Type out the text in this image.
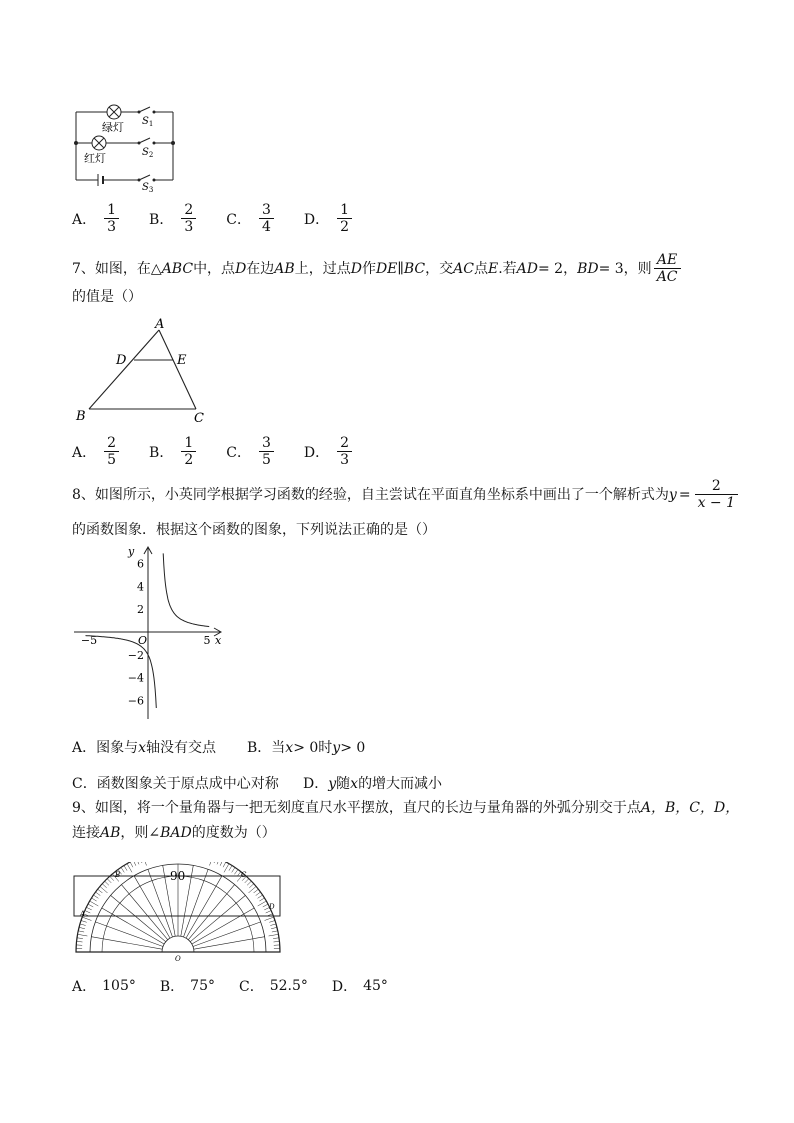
绿灯
红灯
$S_1$
$S_2$
$S_3$
A． $\frac{1}{3}$ B． $\frac{2}{3}$ C． $\frac{3}{4}$ D． $\frac{1}{2}$
7、如图，在△ ABC 中，点 D 在边 AB 上，过点 D 作 DE ∥ BC ，交 AC 点 E .若 AD = 2， BD = 3，则 $\frac{AE}{AC}$
的值是（）
A
D	E
B	C
A． $\frac{2}{5}$ B． $\frac{1}{2}$ C． $\frac{3}{5}$ D． $\frac{2}{3}$
8、如图所示，小英同学根据学习函数的经验，自主尝试在平面直角坐标系中画出了一个解析式为 $y = \frac{2}{x - 1}$
的函数图象．根据这个函数的图象，下列说法正确的是（）
6
4
2
−2
−4
−6
−5	5
y
x
O
A．图象与x轴没有交点 B．当x> 0时y> 0
C．函数图象关于原点成中心对称 D．y随x的增大而减小
9、如图，将一个量角器与一把无刻度直尺水平摆放，直尺的长边与量角器的外弧分别交于点A，B，C，D，
连接AB，则∠BAD的度数为（）
90
B	C
A
D
O
A． 105° B． 75° C． 52.5° D． 45°
